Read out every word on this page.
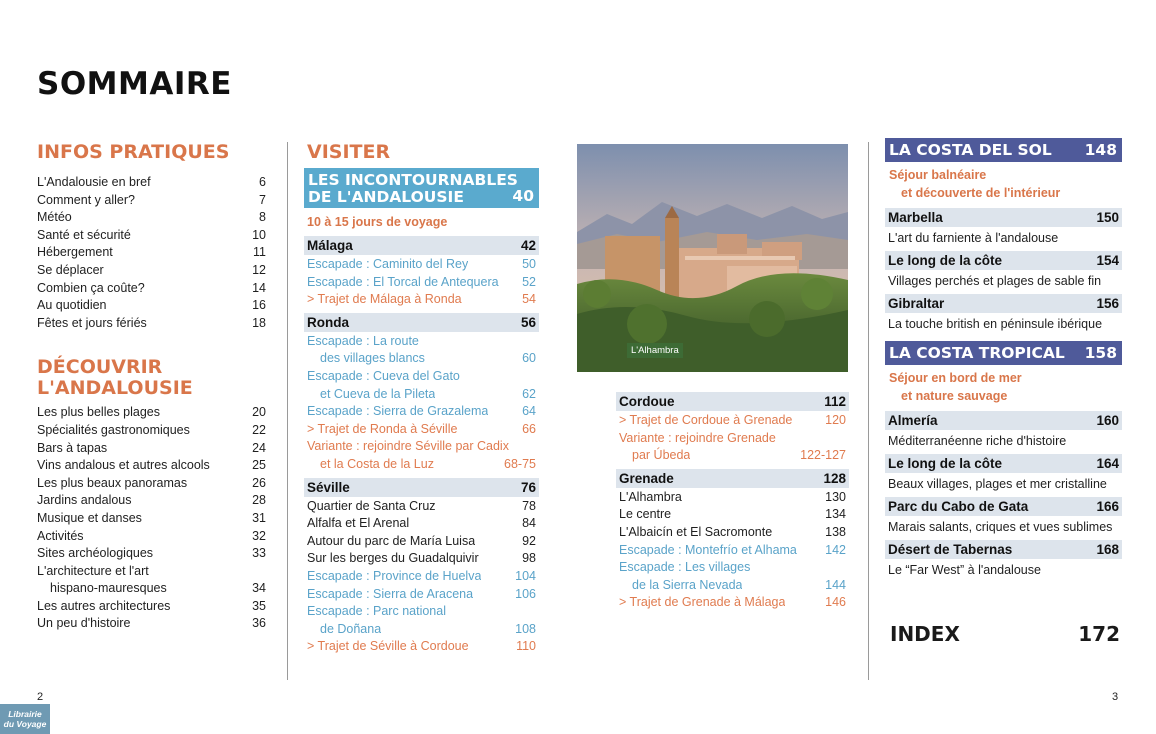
SOMMAIRE
INFOS PRATIQUES
L'Andalousie en bref	6
Comment y aller?	7
Météo	8
Santé et sécurité	10
Hébergement	11
Se déplacer	12
Combien ça coûte?	14
Au quotidien	16
Fêtes et jours fériés	18
DÉCOUVRIR
L'ANDALOUSIE
Les plus belles plages	20
Spécialités gastronomiques	22
Bars à tapas	24
Vins andalous et autres alcools	25
Les plus beaux panoramas	26
Jardins andalous	28
Musique et danses	31
Activités	32
Sites archéologiques	33
L'architecture et l'art
hispano-mauresques	34
Les autres architectures	35
Un peu d'histoire	36
VISITER
LES INCONTOURNABLES
DE L'ANDALOUSIE	40
10 à 15 jours de voyage
Málaga	42
Escapade : Caminito del Rey	50
Escapade : El Torcal de Antequera 52
> Trajet de Málaga à Ronda	54
Ronda	56
Escapade : La route
des villages blancs	60
Escapade : Cueva del Gato
et Cueva de la Pileta	62
Escapade : Sierra de Grazalema	64
> Trajet de Ronda à Séville	66
Variante : rejoindre Séville par Cadix
et la Costa de la Luz	68-75
Séville	76
Quartier de Santa Cruz	78
Alfalfa et El Arenal	84
Autour du parc de María Luisa	92
Sur les berges du Guadalquivir	98
Escapade : Province de Huelva	104
Escapade : Sierra de Aracena	106
Escapade : Parc national
de Doñana	108
> Trajet de Séville à Cordoue	110
L'Alhambra
Cordoue	112
> Trajet de Cordoue à Grenade	120
Variante : rejoindre Grenade
par Úbeda	122-127
Grenade	128
L'Alhambra	130
Le centre	134
L'Albaicín et El Sacromonte	138
Escapade : Montefrío et Alhama 142
Escapade : Les villages
de la Sierra Nevada	144
> Trajet de Grenade à Málaga	146
LA COSTA DEL SOL 148
Séjour balnéaire
et découverte de l'intérieur
Marbella	150
L'art du farniente à l'andalouse
Le long de la côte	154
Villages perchés et plages de sable fin
Gibraltar	156
La touche british en péninsule ibérique
LA COSTA TROPICAL 158
Séjour en bord de mer
et nature sauvage
Almería	160
Méditerranéenne riche d'histoire
Le long de la côte	164
Beaux villages, plages et mer cristalline
Parc du Cabo de Gata	166
Marais salants, criques et vues sublimes
Désert de Tabernas	168
Le “Far West” à l'andalouse
INDEX	172
2	3
Librairie
du Voyage
